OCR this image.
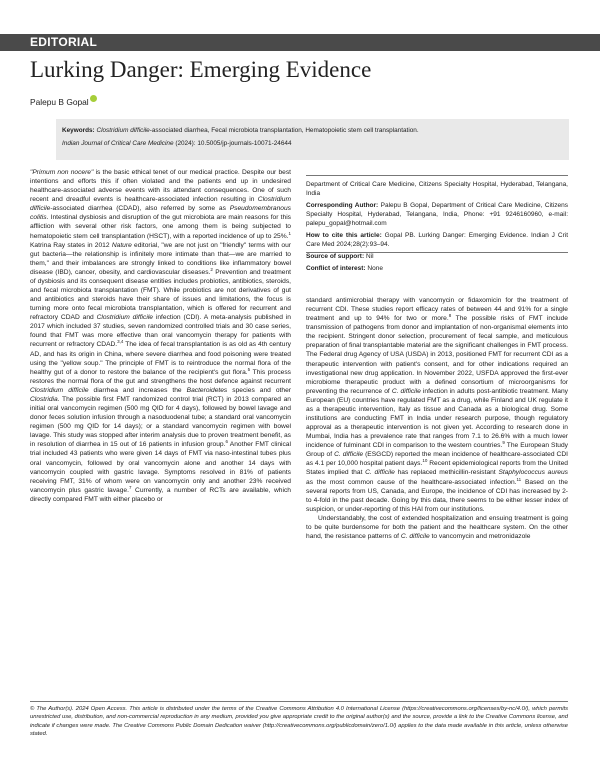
EDITORIAL
Lurking Danger: Emerging Evidence
Palepu B Gopal
Keywords: Clostridium difficile-associated diarrhea, Fecal microbiota transplantation, Hematopoietic stem cell transplantation.
Indian Journal of Critical Care Medicine (2024): 10.5005/jp-journals-10071-24644

"Primum non nocere" is the basic ethical tenet of our medical practice. Despite our best intentions and efforts this if often violated and the patients end up in undesired healthcare-associated adverse events with its attendant consequences. One of such recent and dreadful events is healthcare-associated infection resulting in Clostridium difficile-associated diarrhea (CDAD), also referred by some as Pseudomembranous colitis. Intestinal dysbiosis and disruption of the gut microbiota are main reasons for this affliction with several other risk factors, one among them is being subjected to hematopoietic stem cell transplantation (HSCT), with a reported incidence of up to 25%.$^1$ Katrina Ray states in 2012 Nature editorial, "we are not just on "friendly" terms with our gut bacteria—the relationship is infinitely more intimate than that—we are married to them," and their imbalances are strongly linked to conditions like inflammatory bowel disease (IBD), cancer, obesity, and cardiovascular diseases.$^2$ Prevention and treatment of dysbiosis and its consequent disease entities includes probiotics, antibiotics, steroids, and fecal microbiota transplantation (FMT). While probiotics are not derivatives of gut and antibiotics and steroids have their share of issues and limitations, the focus is turning more onto fecal microbiota transplantation, which is offered for recurrent and refractory CDAD and Clostridium difficile infection (CDI). A meta-analysis published in 2017 which included 37 studies, seven randomized controlled trials and 30 case series, found that FMT was more effective than oral vancomycin therapy for patients with recurrent or refractory CDAD.$^{3,4}$ The idea of fecal transplantation is as old as 4th century AD, and has its origin in China, where severe diarrhea and food poisoning were treated using the "yellow soup." The principle of FMT is to reintroduce the normal flora of the healthy gut of a donor to restore the balance of the recipient's gut flora.$^5$ This process restores the normal flora of the gut and strengthens the host defence against recurrent Clostridium difficile diarrhea and increases the Bacteroidetes species and other Clostridia. The possible first FMT randomized control trial (RCT) in 2013 compared an initial oral vancomycin regimen (500 mg QID for 4 days), followed by bowel lavage and donor feces solution infusion through a nasoduodenal tube; a standard oral vancomycin regimen (500 mg QID for 14 days); or a standard vancomycin regimen with bowel lavage. This study was stopped after interim analysis due to proven treatment benefit, as in resolution of diarrhea in 15 out of 16 patients in infusion group.$^6$ Another FMT clinical trial included 43 patients who were given 14 days of FMT via naso-intestinal tubes plus oral vancomycin, followed by oral vancomycin alone and another 14 days with vancomycin coupled with gastric lavage. Symptoms resolved in 81% of patients receiving FMT, 31% of whom were on vancomycin only and another 23% received vancomycin plus gastric lavage.$^7$ Currently, a number of RCTs are available, which directly compared FMT with either placebo or

Department of Critical Care Medicine, Citizens Specialty Hospital, Hyderabad, Telangana, India

Corresponding Author: Palepu B Gopal, Department of Critical Care Medicine, Citizens Specialty Hospital, Hyderabad, Telangana, India, Phone: +91 9246160960, e-mail: palepu_gopal@hotmail.com

How to cite this article: Gopal PB. Lurking Danger: Emerging Evidence. Indian J Crit Care Med 2024;28(2):93–94.

Source of support: Nil

Conflict of interest: None

standard antimicrobial therapy with vancomycin or fidaxomicin for the treatment of recurrent CDI. These studies report efficacy rates of between 44 and 91% for a single treatment and up to 94% for two or more.$^8$ The possible risks of FMT include transmission of pathogens from donor and implantation of non-organismal elements into the recipient. Stringent donor selection, procurement of fecal sample, and meticulous preparation of final transplantable material are the significant challenges in FMT process. The Federal drug Agency of USA (USDA) in 2013, positioned FMT for recurrent CDI as a therapeutic intervention with patient's consent, and for other indications required an investigational new drug application. In November 2022, USFDA approved the first-ever microbiome therapeutic product with a defined consortium of microorganisms for preventing the recurrence of C. difficile infection in adults post-antibiotic treatment. Many European (EU) countries have regulated FMT as a drug, while Finland and UK regulate it as a therapeutic intervention, Italy as tissue and Canada as a biological drug. Some institutions are conducting FMT in India under research purpose, though regulatory approval as a therapeutic intervention is not given yet. According to research done in Mumbai, India has a prevalence rate that ranges from 7.1 to 26.6% with a much lower incidence of fulminant CDI in comparison to the western countries.$^9$ The European Study Group of C. difficile (ESGCD) reported the mean incidence of healthcare-associated CDI as 4.1 per 10,000 hospital patient days.$^{10}$ Recent epidemiological reports from the United States implied that C. difficile has replaced methicillin-resistant Staphylococcus aureus as the most common cause of the healthcare-associated infection.$^{11}$ Based on the several reports from US, Canada, and Europe, the incidence of CDI has increased by 2- to 4-fold in the past decade. Going by this data, there seems to be either lesser index of suspicion, or under-reporting of this HAI from our institutions.

Understandably, the cost of extended hospitalization and ensuing treatment is going to be quite burdensome for both the patient and the healthcare system. On the other hand, the resistance patterns of C. difficile to vancomycin and metronidazole

© The Author(s). 2024 Open Access. This article is distributed under the terms of the Creative Commons Attribution 4.0 International License (https://creativecommons.org/licenses/by-nc/4.0/), which permits unrestricted use, distribution, and non-commercial reproduction in any medium, provided you give appropriate credit to the original author(s) and the source, provide a link to the Creative Commons license, and indicate if changes were made. The Creative Commons Public Domain Dedication waiver (http://creativecommons.org/publicdomain/zero/1.0/) applies to the data made available in this article, unless otherwise stated.
